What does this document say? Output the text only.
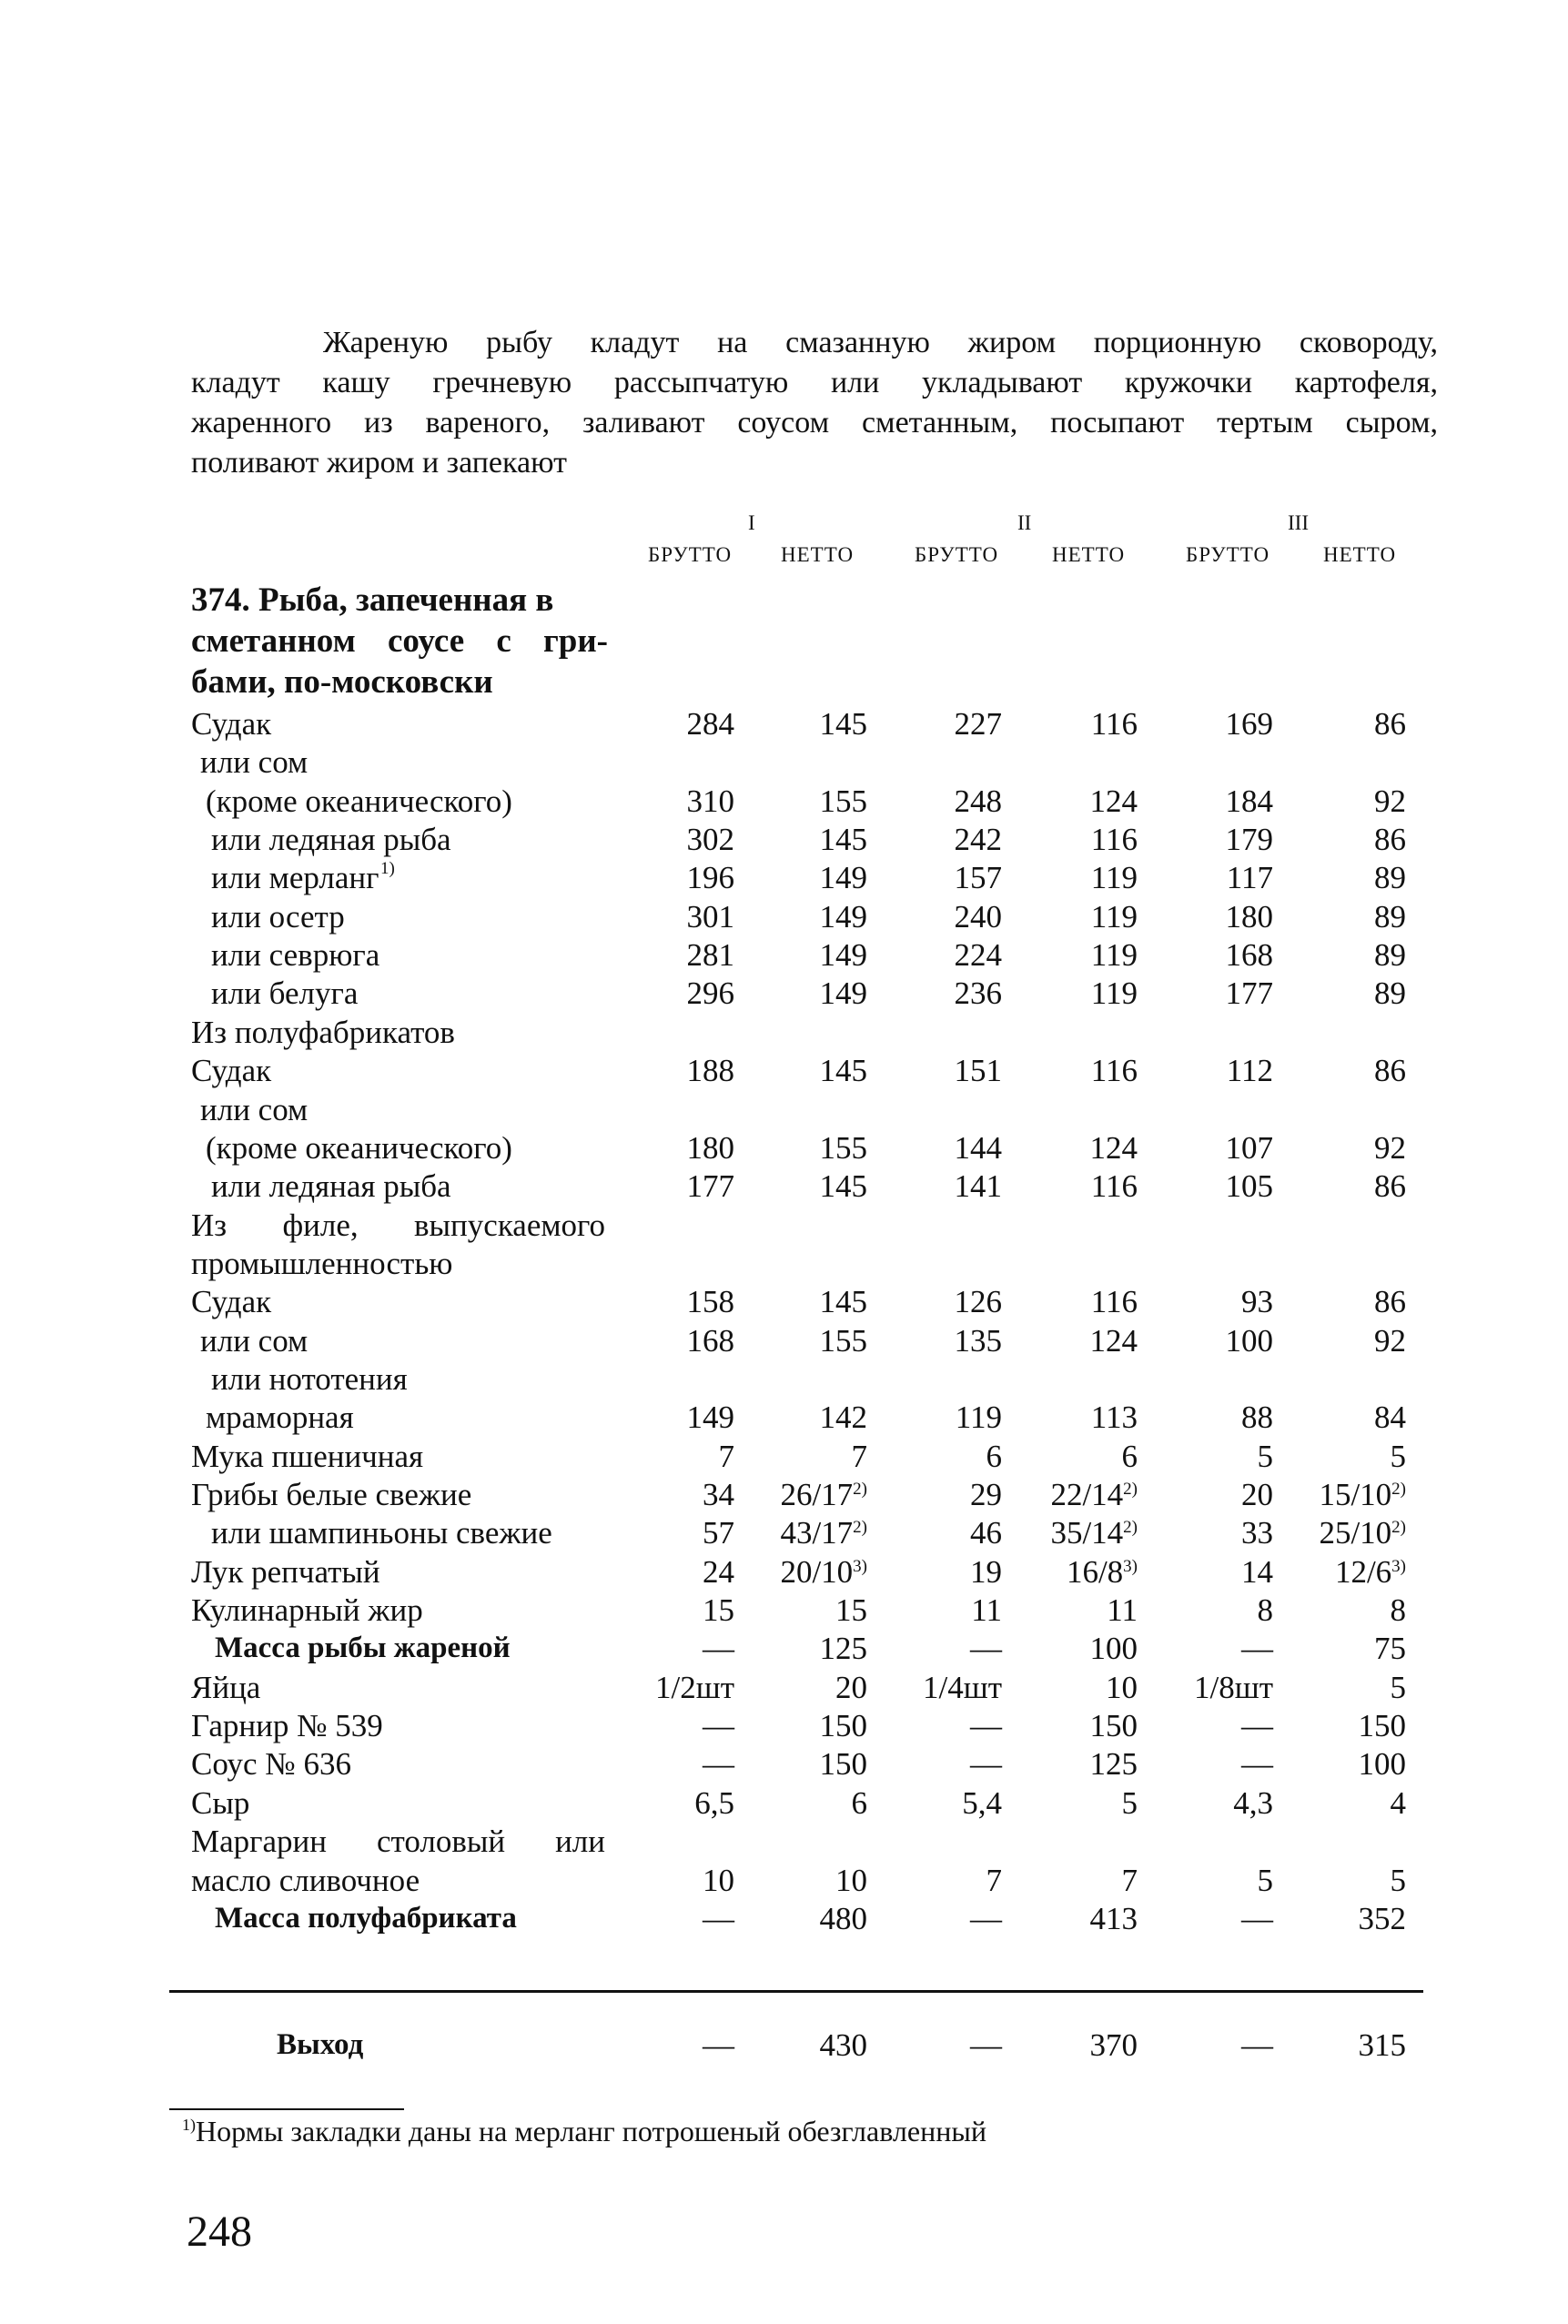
Жареную рыбу кладут на смазанную жиром порционную сковороду,

кладут кашу гречневую рассыпчатую или укладывают кружочки картофеля,
жаренного из вареного, заливают соусом сметанным, посыпают тертым сыром,
поливают жиром и запекают
I	II	III
БРУТТО НЕТТО	БРУТТО	НЕТТО	БРУТТО	НЕТТО
374. Рыба, запеченная в
сметанном соусе с гри-
бами, по-московски
Судак	284	145	227	116	169	86
или сом
(кроме океанического)	310	155	248	124	184	92
или ледяная рыба	302	145	242	116	179	86
или мерланг 1)	196	149	157	119	117	89
или осетр	301	149	240	119	180	89
или севрюга	281	149	224	119	168	89
или белуга	296	149	236	119	177	89
Из полуфабрикатов
Судак	188	145	151	116	112	86
или сом
(кроме океанического)	180	155	144	124	107	92
или ледяная рыба	177	145	141	116	105	86
Из филе, выпускаемого
промышленностью
Судак	158	145	126	116	93	86
или сом	168	155	135	124	100	92
или нототения
мраморная	149	142	119	113	88	84
Мука пшеничная	7	7	6	6	5	5
Грибы белые свежие	34 26/17$^{2)}$	29 22/14$^{2)}$	20 15/10$^{2)}$
или шампиньоны свежие	57 43/17$^{2)}$	46 35/14$^{2)}$	33 25/10$^{2)}$
Лук репчатый	24 20/10$^{3)}$	19 16/8$^{3)}$	14 12/6$^{3)}$
Кулинарный жир	15	15	11	11	8	8
Масса рыбы жареной	—	125	—	100	—	75
Яйца	1/2шт	20 1/4шт	10 1/8шт	5
Гарнир № 539	—	150	—	150	—	150
Соус № 636	—	150	—	125	—	100
Сыр	6,5	6	5,4	5	4,3	4
Маргарин столовый или
масло сливочное	10	10	7	7	5	5
Масса полуфабриката	—	480	—	413	—	352
Выход	—	430	—	370	—	315
$^{1)}$Нормы закладки даны на мерланг потрошеный обезглавленный
248
